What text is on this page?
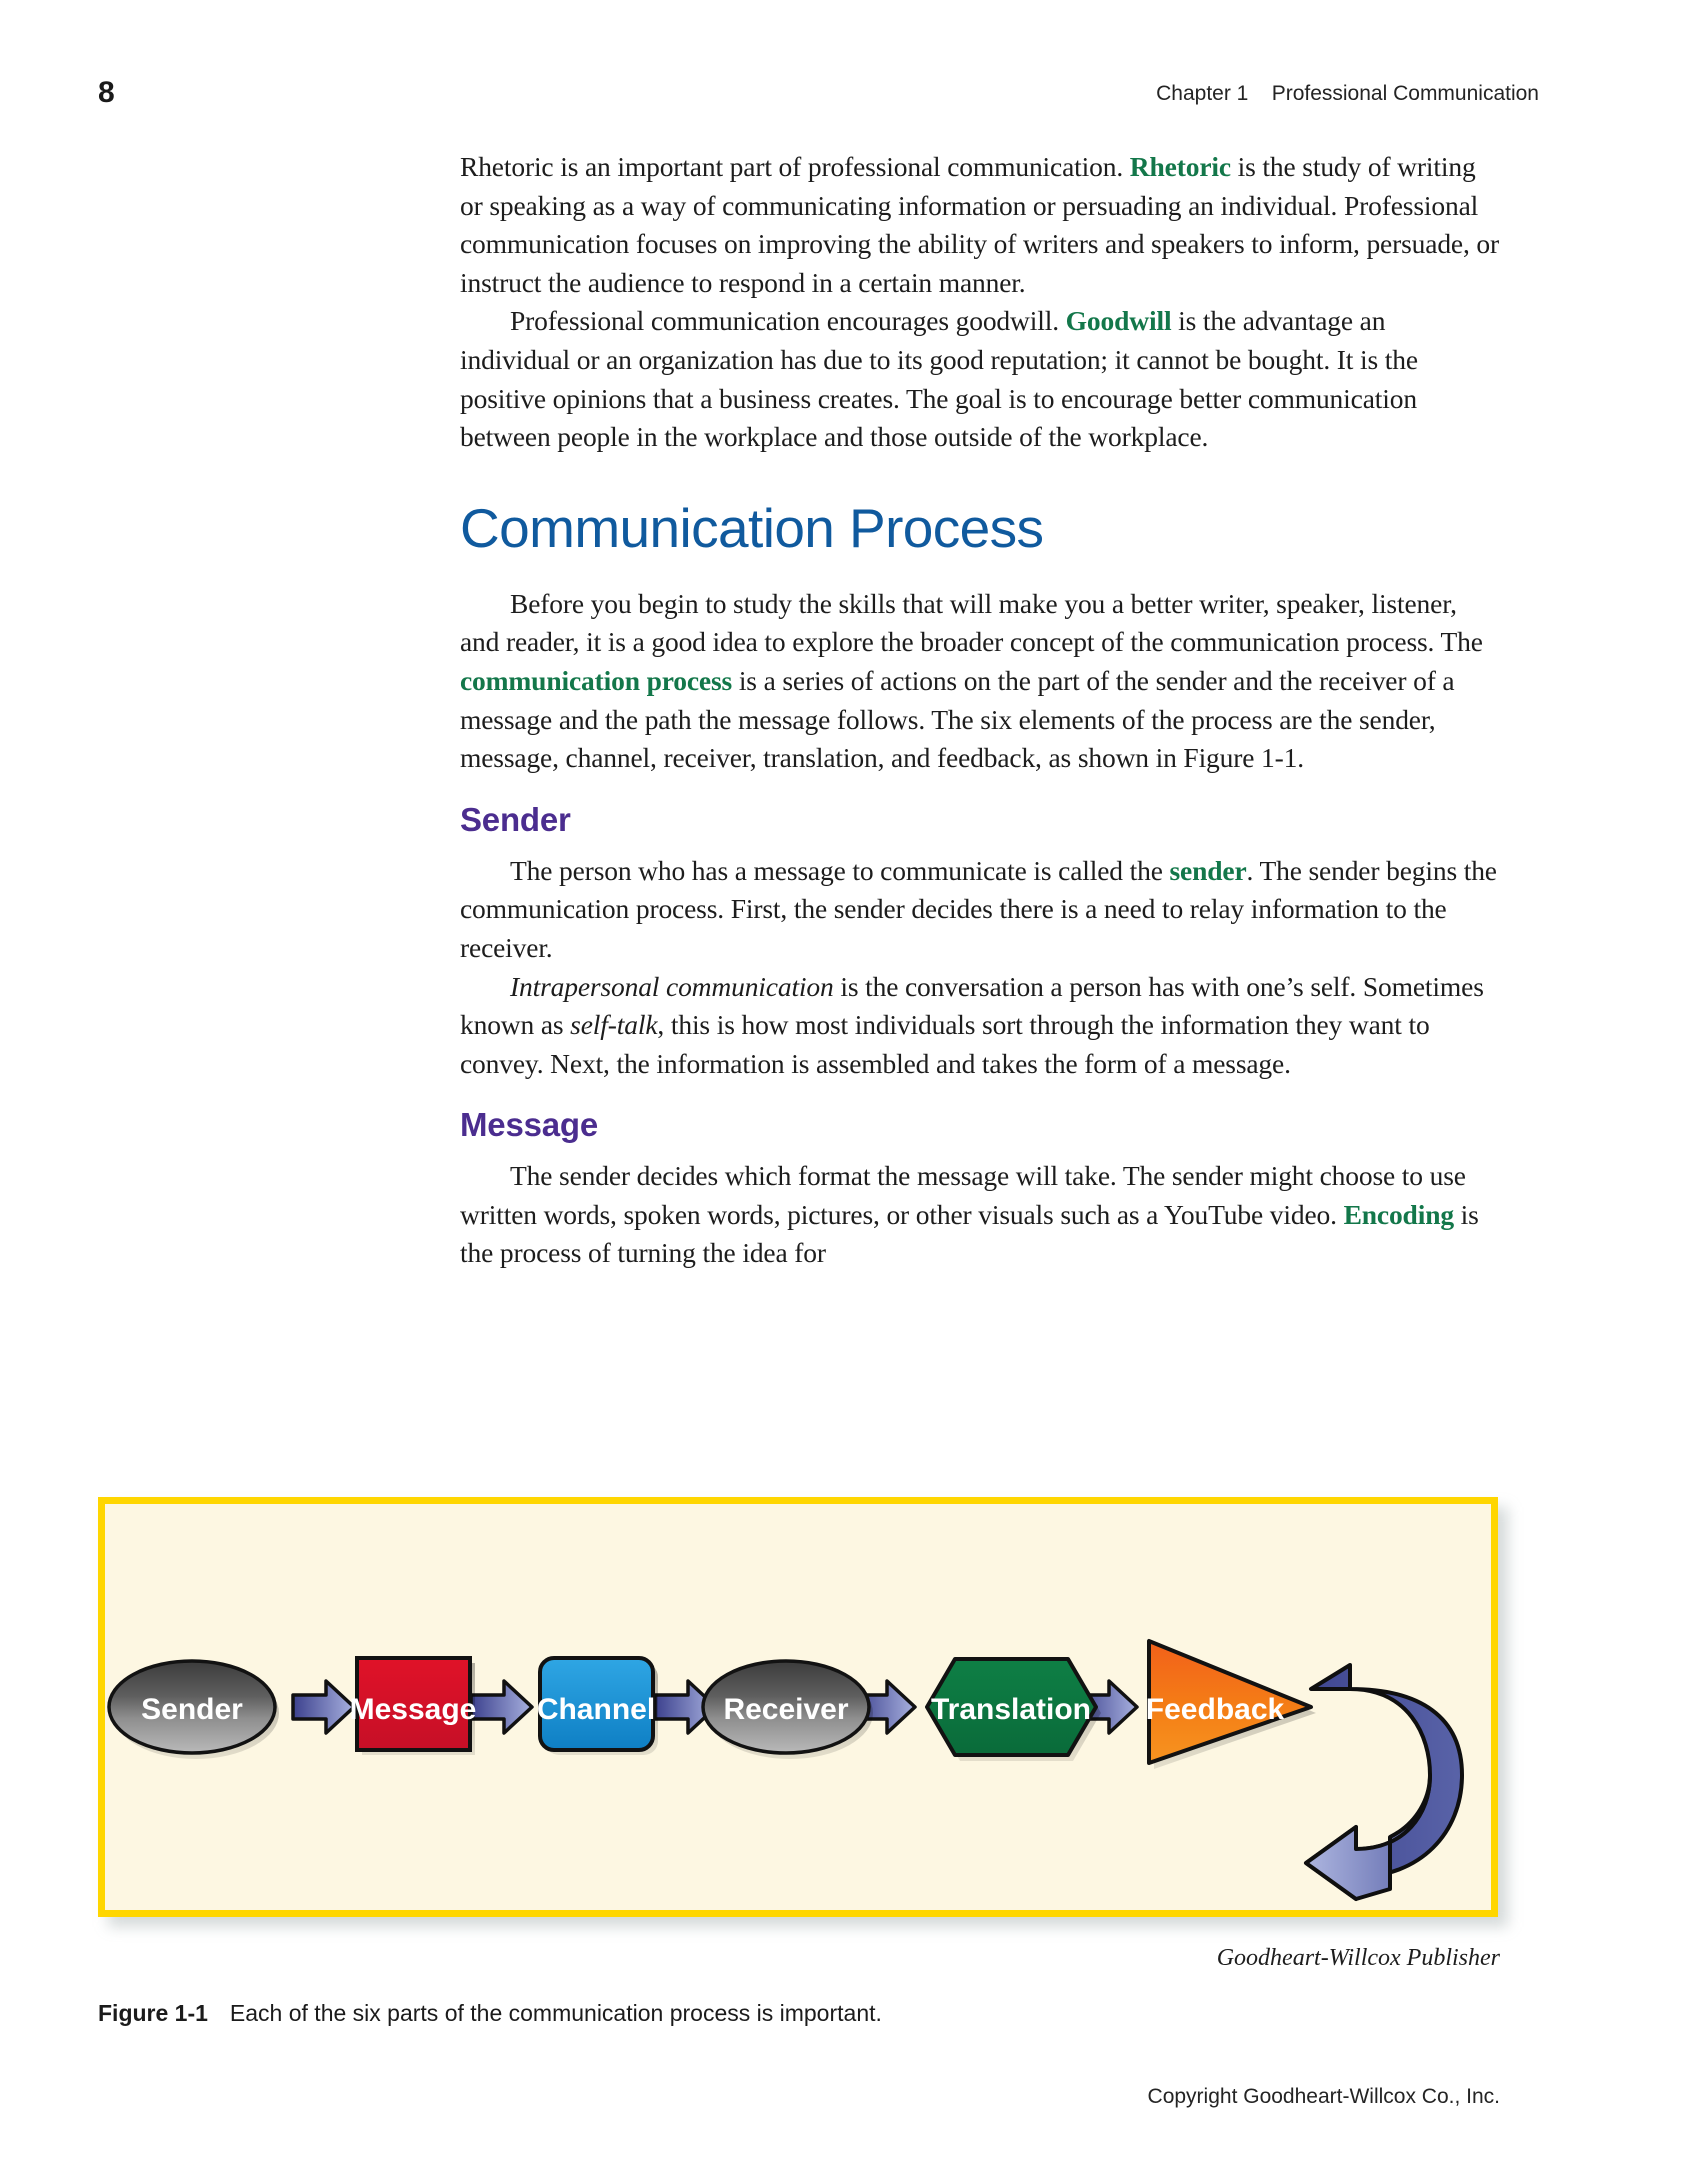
8	Chapter 1    Professional Communication

Rhetoric is an important part of professional communication. Rhetoric is the study of writing or speaking as a way of communicating information or persuading an individual. Professional communication focuses on improving the ability of writers and speakers to inform, persuade, or instruct the audience to respond in a certain manner.

Professional communication encourages goodwill. Goodwill is the advantage an individual or an organization has due to its good reputation; it cannot be bought. It is the positive opinions that a business creates. The goal is to encourage better communication between people in the workplace and those outside of the workplace.

Communication Process

Before you begin to study the skills that will make you a better writer, speaker, listener, and reader, it is a good idea to explore the broader concept of the communication process. The communication process is a series of actions on the part of the sender and the receiver of a message and the path the message follows. The six elements of the process are the sender, message, channel, receiver, translation, and feedback, as shown in Figure 1-1.

Sender

The person who has a message to communicate is called the sender. The sender begins the communication process. First, the sender decides there is a need to relay information to the receiver.

Intrapersonal communication is the conversation a person has with one’s self. Sometimes known as self-talk, this is how most individuals sort through the information they want to convey. Next, the information is assembled and takes the form of a message.

Message

The sender decides which format the message will take. The sender might choose to use written words, spoken words, pictures, or other visuals such as a YouTube video. Encoding is the process of turning the idea for

Sender	Message Channel Receiver	Translation Feedback
Goodheart-Willcox Publisher
Figure 1-1 Each of the six parts of the communication process is important.
Copyright Goodheart-Willcox Co., Inc.
